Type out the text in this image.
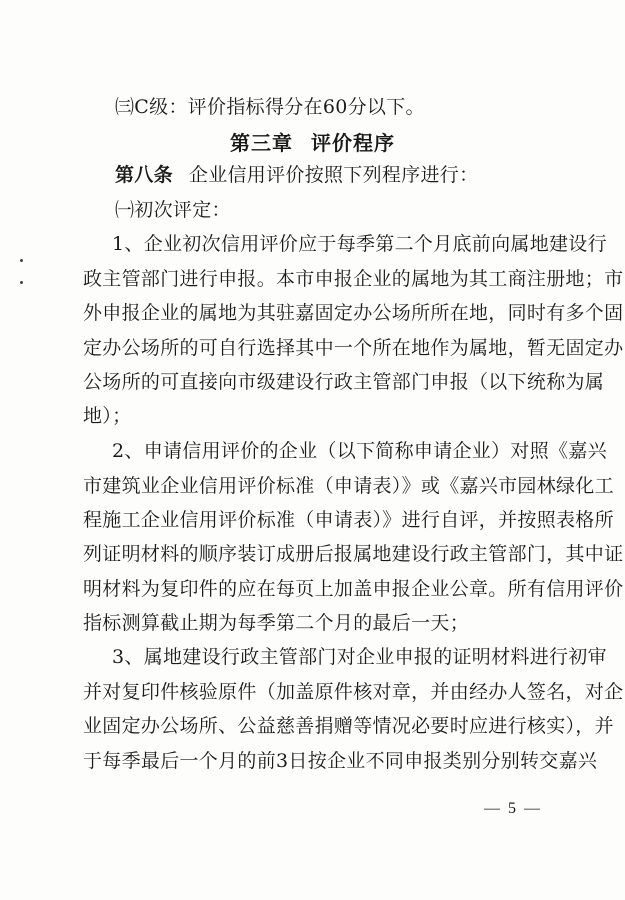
㈢C级：评价指标得分在60分以下。
第三章 评价程序
第八条 企业信用评价按照下列程序进行：
㈠初次评定：
1、企业初次信用评价应于每季第二个月底前向属地建设行
政主管部门进行申报。本市申报企业的属地为其工商注册地；市
外申报企业的属地为其驻嘉固定办公场所所在地，同时有多个固
定办公场所的可自行选择其中一个所在地作为属地，暂无固定办
公场所的可直接向市级建设行政主管部门申报（以下统称为属
地）；
2、申请信用评价的企业（以下简称申请企业）对照《嘉兴
市建筑业企业信用评价标准（申请表）》或《嘉兴市园林绿化工
程施工企业信用评价标准（申请表）》进行自评，并按照表格所
列证明材料的顺序装订成册后报属地建设行政主管部门，其中证
明材料为复印件的应在每页上加盖申报企业公章。所有信用评价
指标测算截止期为每季第二个月的最后一天；
3、属地建设行政主管部门对企业申报的证明材料进行初审
并对复印件核验原件（加盖原件核对章，并由经办人签名，对企
业固定办公场所、公益慈善捐赠等情况必要时应进行核实），并
于每季最后一个月的前3日按企业不同申报类别分别转交嘉兴
— 5 —
